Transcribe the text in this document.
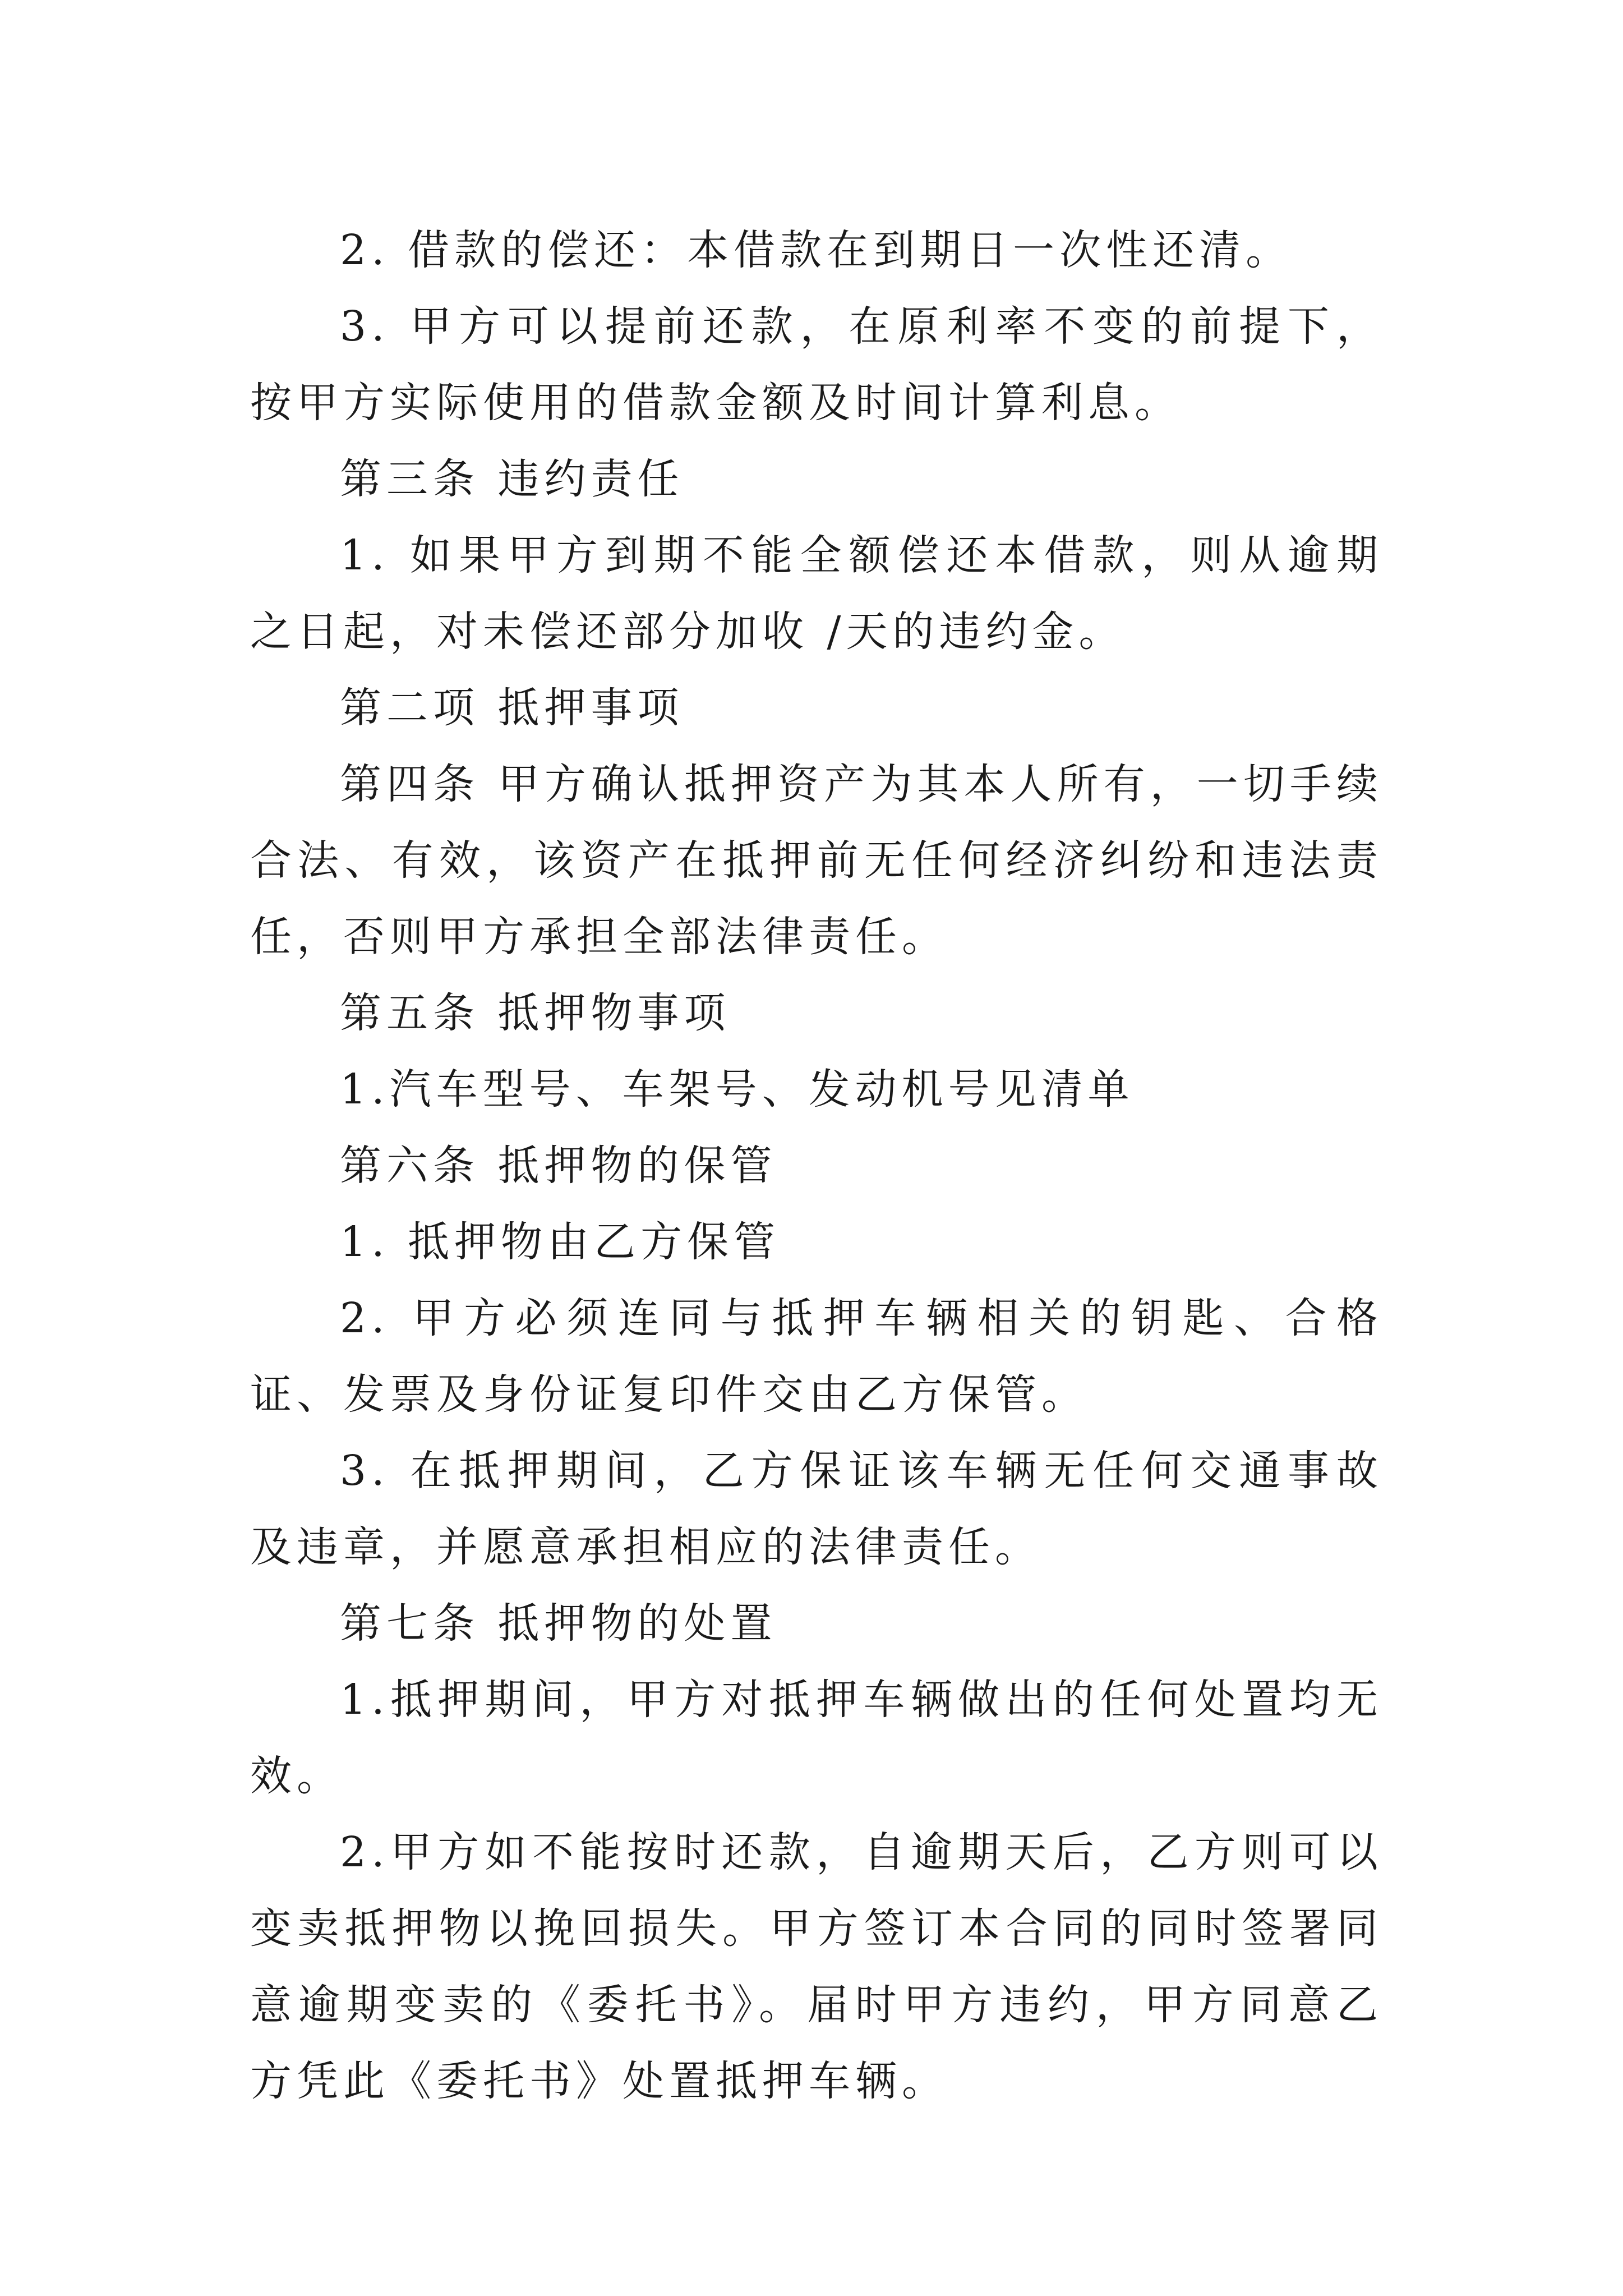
2. 借款的偿还：本借款在到期日一次性还清。

3. 甲方可以提前还款，在原利率不变的前提下，按甲方实际使用的借款金额及时间计算利息。

第三条 违约责任

1. 如果甲方到期不能全额偿还本借款，则从逾期之日起，对未偿还部分加收 /天的违约金。

第二项 抵押事项

第四条 甲方确认抵押资产为其本人所有，一切手续合法、有效，该资产在抵押前无任何经济纠纷和违法责任，否则甲方承担全部法律责任。

第五条 抵押物事项

1.汽车型号、车架号、发动机号见清单

第六条 抵押物的保管

1. 抵押物由乙方保管

2. 甲方必须连同与抵押车辆相关的钥匙、合格证、发票及身份证复印件交由乙方保管。

3. 在抵押期间，乙方保证该车辆无任何交通事故及违章，并愿意承担相应的法律责任。

第七条 抵押物的处置

1.抵押期间，甲方对抵押车辆做出的任何处置均无效。

2.甲方如不能按时还款，自逾期天后，乙方则可以变卖抵押物以挽回损失。甲方签订本合同的同时签署同意逾期变卖的《委托书》。届时甲方违约，甲方同意乙方凭此《委托书》处置抵押车辆。
